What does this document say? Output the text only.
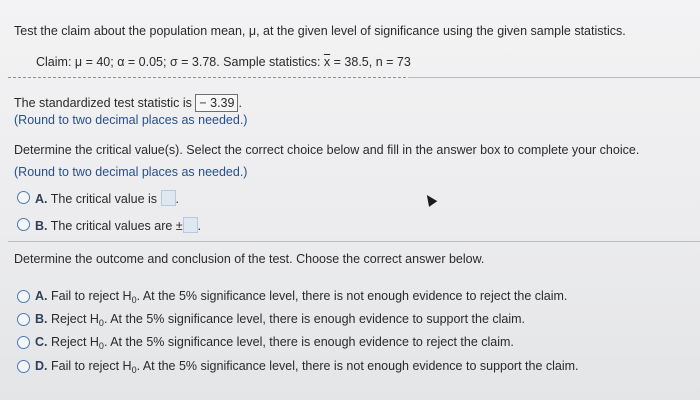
Test the claim about the population mean, μ, at the given level of significance using the given sample statistics.
Claim: μ = 40; α = 0.05; σ = 3.78. Sample statistics: $\overline{x} = 38.5$, n = 73
The standardized test statistic is − 3.39 .
(Round to two decimal places as needed.)
Determine the critical value(s). Select the correct choice below and fill in the answer box to complete your choice.
(Round to two decimal places as needed.)
A. The critical value is .
B. The critical values are ± .
Determine the outcome and conclusion of the test. Choose the correct answer below.
A. Fail to reject $H_0$. At the 5% significance level, there is not enough evidence to reject the claim.
B. Reject $H_0$. At the 5% significance level, there is enough evidence to support the claim.
C. Reject $H_0$. At the 5% significance level, there is enough evidence to reject the claim.
D. Fail to reject $H_0$. At the 5% significance level, there is not enough evidence to support the claim.
